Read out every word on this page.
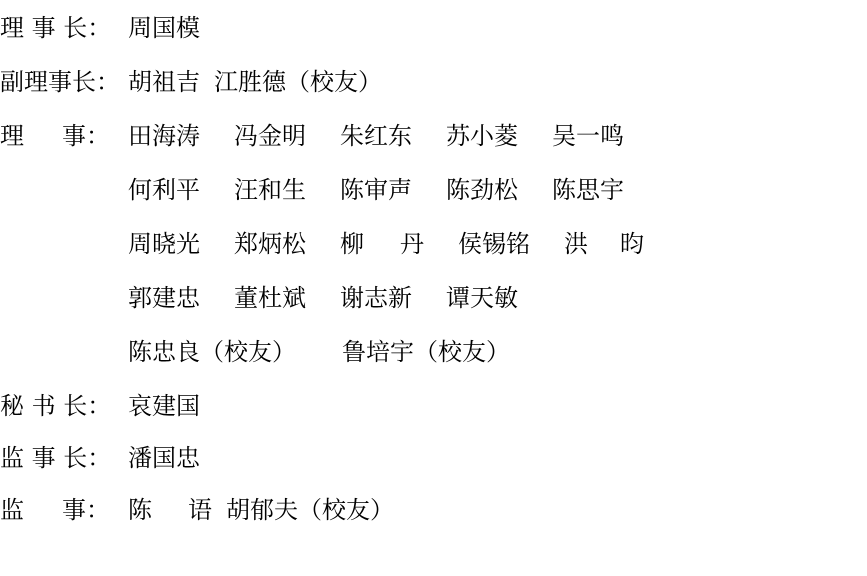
理 事 长： 周国模
副理事长： 胡祖吉 江胜德（校友）
理 事： 田海涛 冯金明 朱红东 苏小菱 吴一鸣
何利平 汪和生 陈审声 陈劲松 陈思宇
周晓光 郑炳松 柳 丹 侯锡铭 洪 昀
郭建忠 董杜斌 谢志新 谭天敏
陈忠良（校友） 鲁培宇（校友）
秘 书 长： 哀建国
监 事 长： 潘国忠
监 事： 陈 语 胡郁夫（校友）
